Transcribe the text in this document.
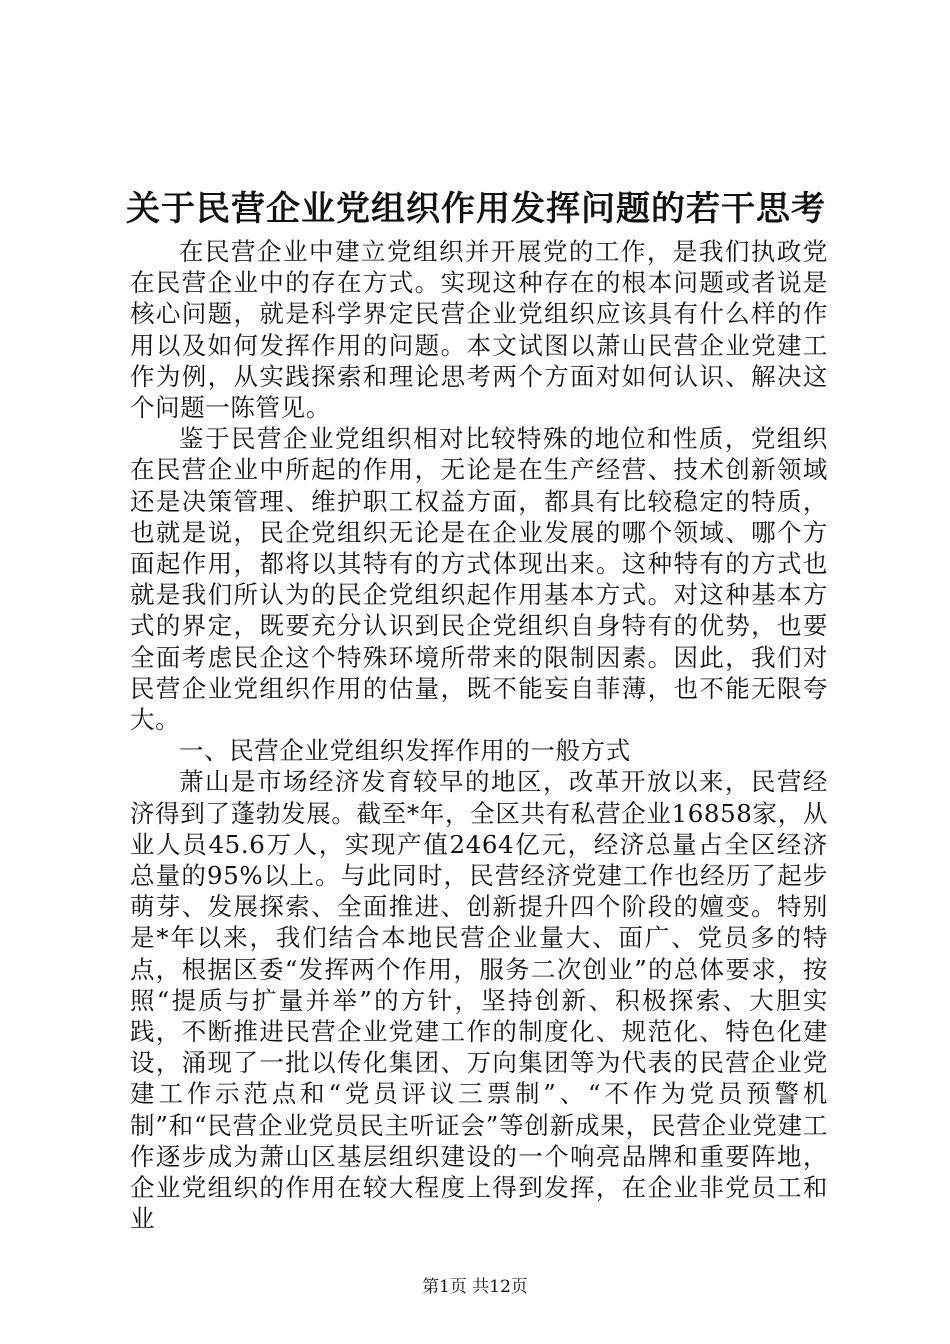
关于民营企业党组织作用发挥问题的若干思考

在民营企业中建立党组织并开展党的工作，是我们执政党在民营企业中的存在方式。实现这种存在的根本问题或者说是核心问题，就是科学界定民营企业党组织应该具有什么样的作用以及如何发挥作用的问题。本文试图以萧山民营企业党建工作为例，从实践探索和理论思考两个方面对如何认识、解决这个问题一陈管见。

鉴于民营企业党组织相对比较特殊的地位和性质，党组织在民营企业中所起的作用，无论是在生产经营、技术创新领域还是决策管理、维护职工权益方面，都具有比较稳定的特质，也就是说，民企党组织无论是在企业发展的哪个领域、哪个方面起作用，都将以其特有的方式体现出来。这种特有的方式也就是我们所认为的民企党组织起作用基本方式。对这种基本方式的界定，既要充分认识到民企党组织自身特有的优势，也要全面考虑民企这个特殊环境所带来的限制因素。因此，我们对民营企业党组织作用的估量，既不能妄自菲薄，也不能无限夸大。

一、民营企业党组织发挥作用的一般方式

萧山是市场经济发育较早的地区，改革开放以来，民营经济得到了蓬勃发展。截至*年，全区共有私营企业16858家，从业人员45.6万人，实现产值2464亿元，经济总量占全区经济总量的95%以上。与此同时，民营经济党建工作也经历了起步萌芽、发展探索、全面推进、创新提升四个阶段的嬗变。特别是*年以来，我们结合本地民营企业量大、面广、党员多的特点，根据区委“发挥两个作用，服务二次创业”的总体要求，按照“提质与扩量并举”的方针，坚持创新、积极探索、大胆实践，不断推进民营企业党建工作的制度化、规范化、特色化建设，涌现了一批以传化集团、万向集团等为代表的民营企业党建工作示范点和“党员评议三票制”、“不作为党员预警机制”和“民营企业党员民主听证会”等创新成果，民营企业党建工作逐步成为萧山区基层组织建设的一个响亮品牌和重要阵地，企业党组织的作用在较大程度上得到发挥，在企业非党员工和业

第1页 共12页
